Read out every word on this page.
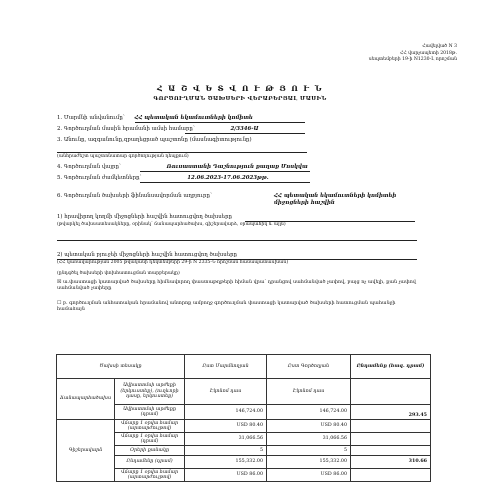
Հավելված N 3
ՀՀ վարչապետի 2018թ.
սեպտեմբերի 19-ի N1230-Լ որոշման
Հ Ա Շ Վ Ե Տ Վ Ո Ւ Թ Յ Ո Ւ Ն
ԳՈՐԾՈՒՂՄԱՆ ԾԱԽՍԵՐԻ ՎԵՐԱԲԵՐՅԱԼ ՄԱՍԻՆ
1. Մարմնի անվանումը՝ ՀՀ պետական եկամուտների կոմիտե
2. Գործուղման մասին հրամանի ամսի համարը՝	2/3346-Ա
3. Անունը, ազգանունը,զբաղեցրած պաշտոնը (մասնագիտությունը)
(անհրաժեշտ պաշտոնատար գործողության դեպքում)
4. Գործուղման վայրը՝	Ռուսաստանի Դաշնություն քաղաք Մոսկվա
5. Գործուղման ժամկետները՝	12.06.2023-17.06.2023թթ.
6. Գործուղման ծախսերի ֆինանսավորման աղբյուրը՝	ՀՀ պետական եկամուտների կոմիտեի միջոցների հաշվին
1) հրավիրող կողմի միջոցների հաշվին հատուցվող ծախսերը
(թվարկել ծախսատեսակները, օրինակ՝ ճանապարհածախս, գիշերավարձ, օրապահիկ և այլն)
2) պետական բյուջեի միջոցների հաշվին հատուցվող ծախսերը
(ՀՀ կառավարության 2005 թվականի դեկտեմբերի 29-ի N 2335-Ն որոշման համապատասխան)
(ընդգծել ծախսերի փոխհատուցման տարբերակը)
☒ ա.փաստացի կատարված ծախսերը հիմնավորող փաստաթղթերի հիման վրա՝ դրանցով սահմանված չափով, բայց ոչ ավելի, քան չափով սահմանված չափերը
☐ բ. գործուղման անհատական հրամանով անտրոք ամբողջ գործուղման փաստացի կատարված ծախսերի հատուցման պահանջի համաձայն
Ծախսի տեսակը		Ըստ Մարմնողյան	Ըստ Գործողյան	Ընդամենը (հազ. դրամ)
Ճանապարհածախս	Ավիատոմսի արժեքի (երկուստեք), (ուղևորի դասը, երկուստեք)	Էկոնոմ դաս	Էկոնոմ դաս	
	Ավիատոմսի արժեքը (դրամ)	146,724.00	146,724.00	293.45
Գիշերավարձ	Վճարը 1 օրվա համար (արտարժույթով)	USD 80.40	USD 80.40	
	Վճարը 1 օրվա համար (դրամ)	31,066.56	31,066.56	
	Օրերի քանակը	5	5	
	Ընդամենը (դրամ)	155,332.00	155,332.00	310.66
	Վճարը 1 օրվա համար (արտարժույթով)	USD 86.00	USD 86.00	
